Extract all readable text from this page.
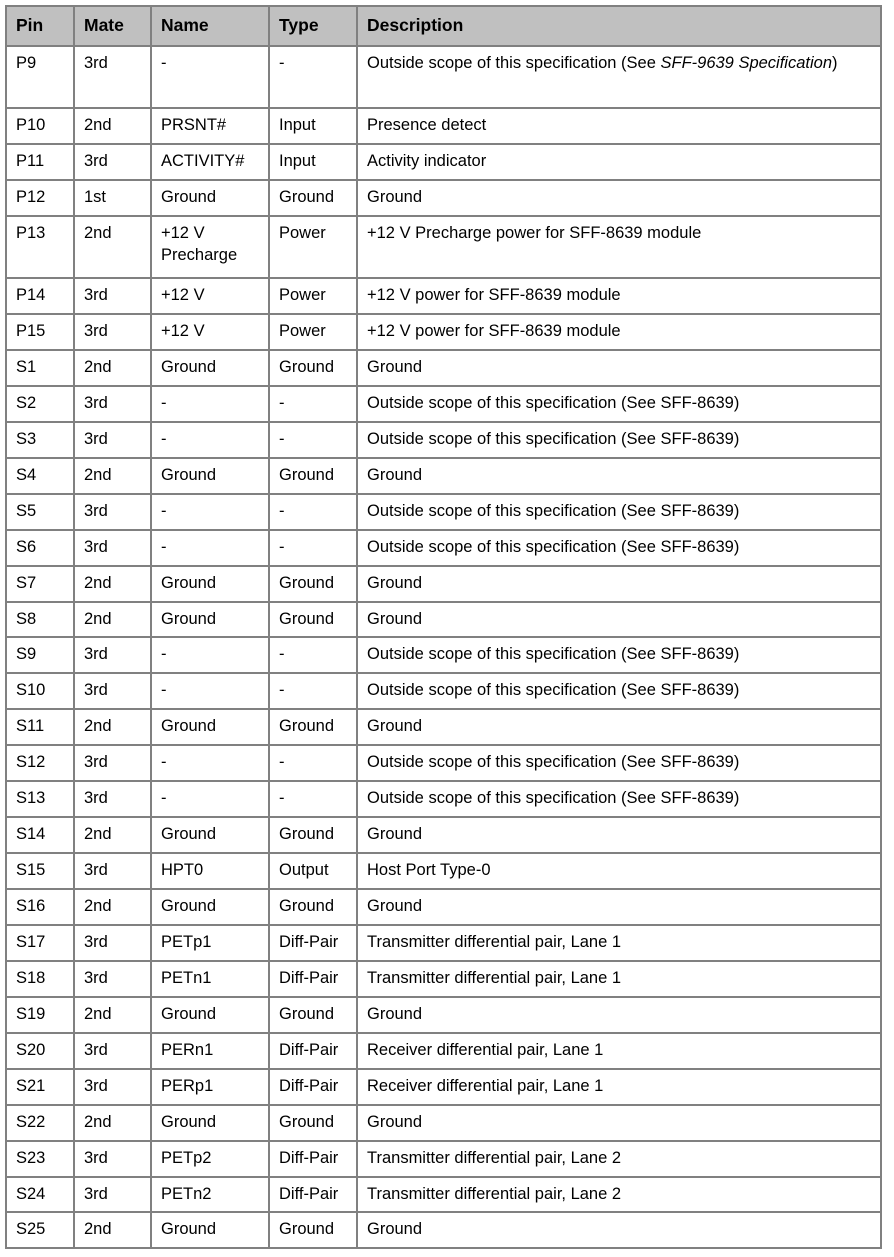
Pin	Mate	Name	Type	Description
P9	3rd	-	-	Outside scope of this specification (See SFF-9639 Specification)
P10	2nd	PRSNT#	Input	Presence detect
P11	3rd	ACTIVITY#	Input	Activity indicator
P12	1st	Ground	Ground	Ground
P13	2nd	+12 V Precharge	Power	+12 V Precharge power for SFF-8639 module
P14	3rd	+12 V	Power	+12 V power for SFF-8639 module
P15	3rd	+12 V	Power	+12 V power for SFF-8639 module
S1	2nd	Ground	Ground	Ground
S2	3rd	-	-	Outside scope of this specification (See SFF-8639)
S3	3rd	-	-	Outside scope of this specification (See SFF-8639)
S4	2nd	Ground	Ground	Ground
S5	3rd	-	-	Outside scope of this specification (See SFF-8639)
S6	3rd	-	-	Outside scope of this specification (See SFF-8639)
S7	2nd	Ground	Ground	Ground
S8	2nd	Ground	Ground	Ground
S9	3rd	-	-	Outside scope of this specification (See SFF-8639)
S10	3rd	-	-	Outside scope of this specification (See SFF-8639)
S11	2nd	Ground	Ground	Ground
S12	3rd	-	-	Outside scope of this specification (See SFF-8639)
S13	3rd	-	-	Outside scope of this specification (See SFF-8639)
S14	2nd	Ground	Ground	Ground
S15	3rd	HPT0	Output	Host Port Type-0
S16	2nd	Ground	Ground	Ground
S17	3rd	PETp1	Diff-Pair	Transmitter differential pair, Lane 1
S18	3rd	PETn1	Diff-Pair	Transmitter differential pair, Lane 1
S19	2nd	Ground	Ground	Ground
S20	3rd	PERn1	Diff-Pair	Receiver differential pair, Lane 1
S21	3rd	PERp1	Diff-Pair	Receiver differential pair, Lane 1
S22	2nd	Ground	Ground	Ground
S23	3rd	PETp2	Diff-Pair	Transmitter differential pair, Lane 2
S24	3rd	PETn2	Diff-Pair	Transmitter differential pair, Lane 2
S25	2nd	Ground	Ground	Ground
